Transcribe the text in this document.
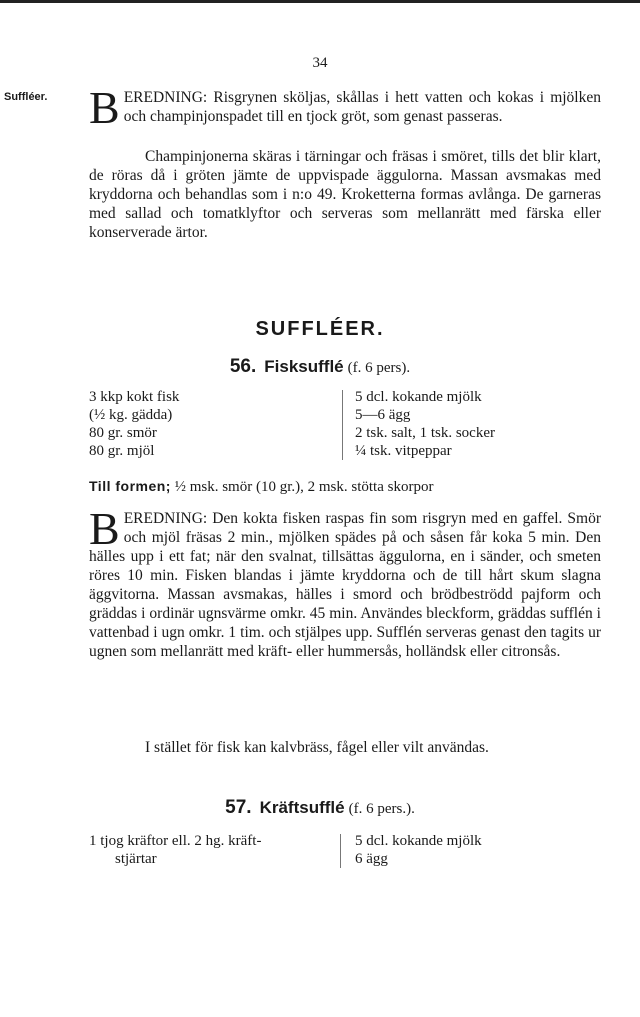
34
Suffléer. BEREDNING: Risgrynen sköljas, skållas i hett vatten och kokas i mjölken och champinjonspadet till en tjock gröt, som genast passeras.

Champinjonerna skäras i tärningar och fräsas i smöret, tills det blir klart, de röras då i gröten jämte de uppvispade äggulorna. Massan avsmakas med kryddorna och behandlas som i n:o 49. Kroketterna formas avlånga. De garneras med sallad och tomatklyftor och serveras som mellanrätt med färska eller konserverade ärtor.

SUFFLÉER.
56. Fisksufflé (f. 6 pers).
3 kkp kokt fisk
(½ kg. gädda)
80 gr. smör
80 gr. mjöl
5 dcl. kokande mjölk
5—6 ägg
2 tsk. salt, 1 tsk. socker
¼ tsk. vitpeppar
Till formen; ½ msk. smör (10 gr.), 2 msk. stötta skorpor

BEREDNING: Den kokta fisken raspas fin som risgryn med en gaffel. Smör och mjöl fräsas 2 min., mjölken spädes på och såsen får koka 5 min. Den hälles upp i ett fat; när den svalnat, tillsättas äggulorna, en i sänder, och smeten röres 10 min. Fisken blandas i jämte kryddorna och de till hårt skum slagna äggvitorna. Massan avsmakas, hälles i smord och brödbeströdd pajform och gräddas i ordinär ugnsvärme omkr. 45 min. Användes bleckform, gräddas sufflén i vattenbad i ugn omkr. 1 tim. och stjälpes upp. Sufflén serveras genast den tagits ur ugnen som mellanrätt med kräft- eller hummersås, holländsk eller citronsås.

I stället för fisk kan kalvbräss, fågel eller vilt användas.

57. Kräftsufflé (f. 6 pers.).
1 tjog kräftor ell. 2 hg. kräft-
stjärtar
5 dcl. kokande mjölk
6 ägg
